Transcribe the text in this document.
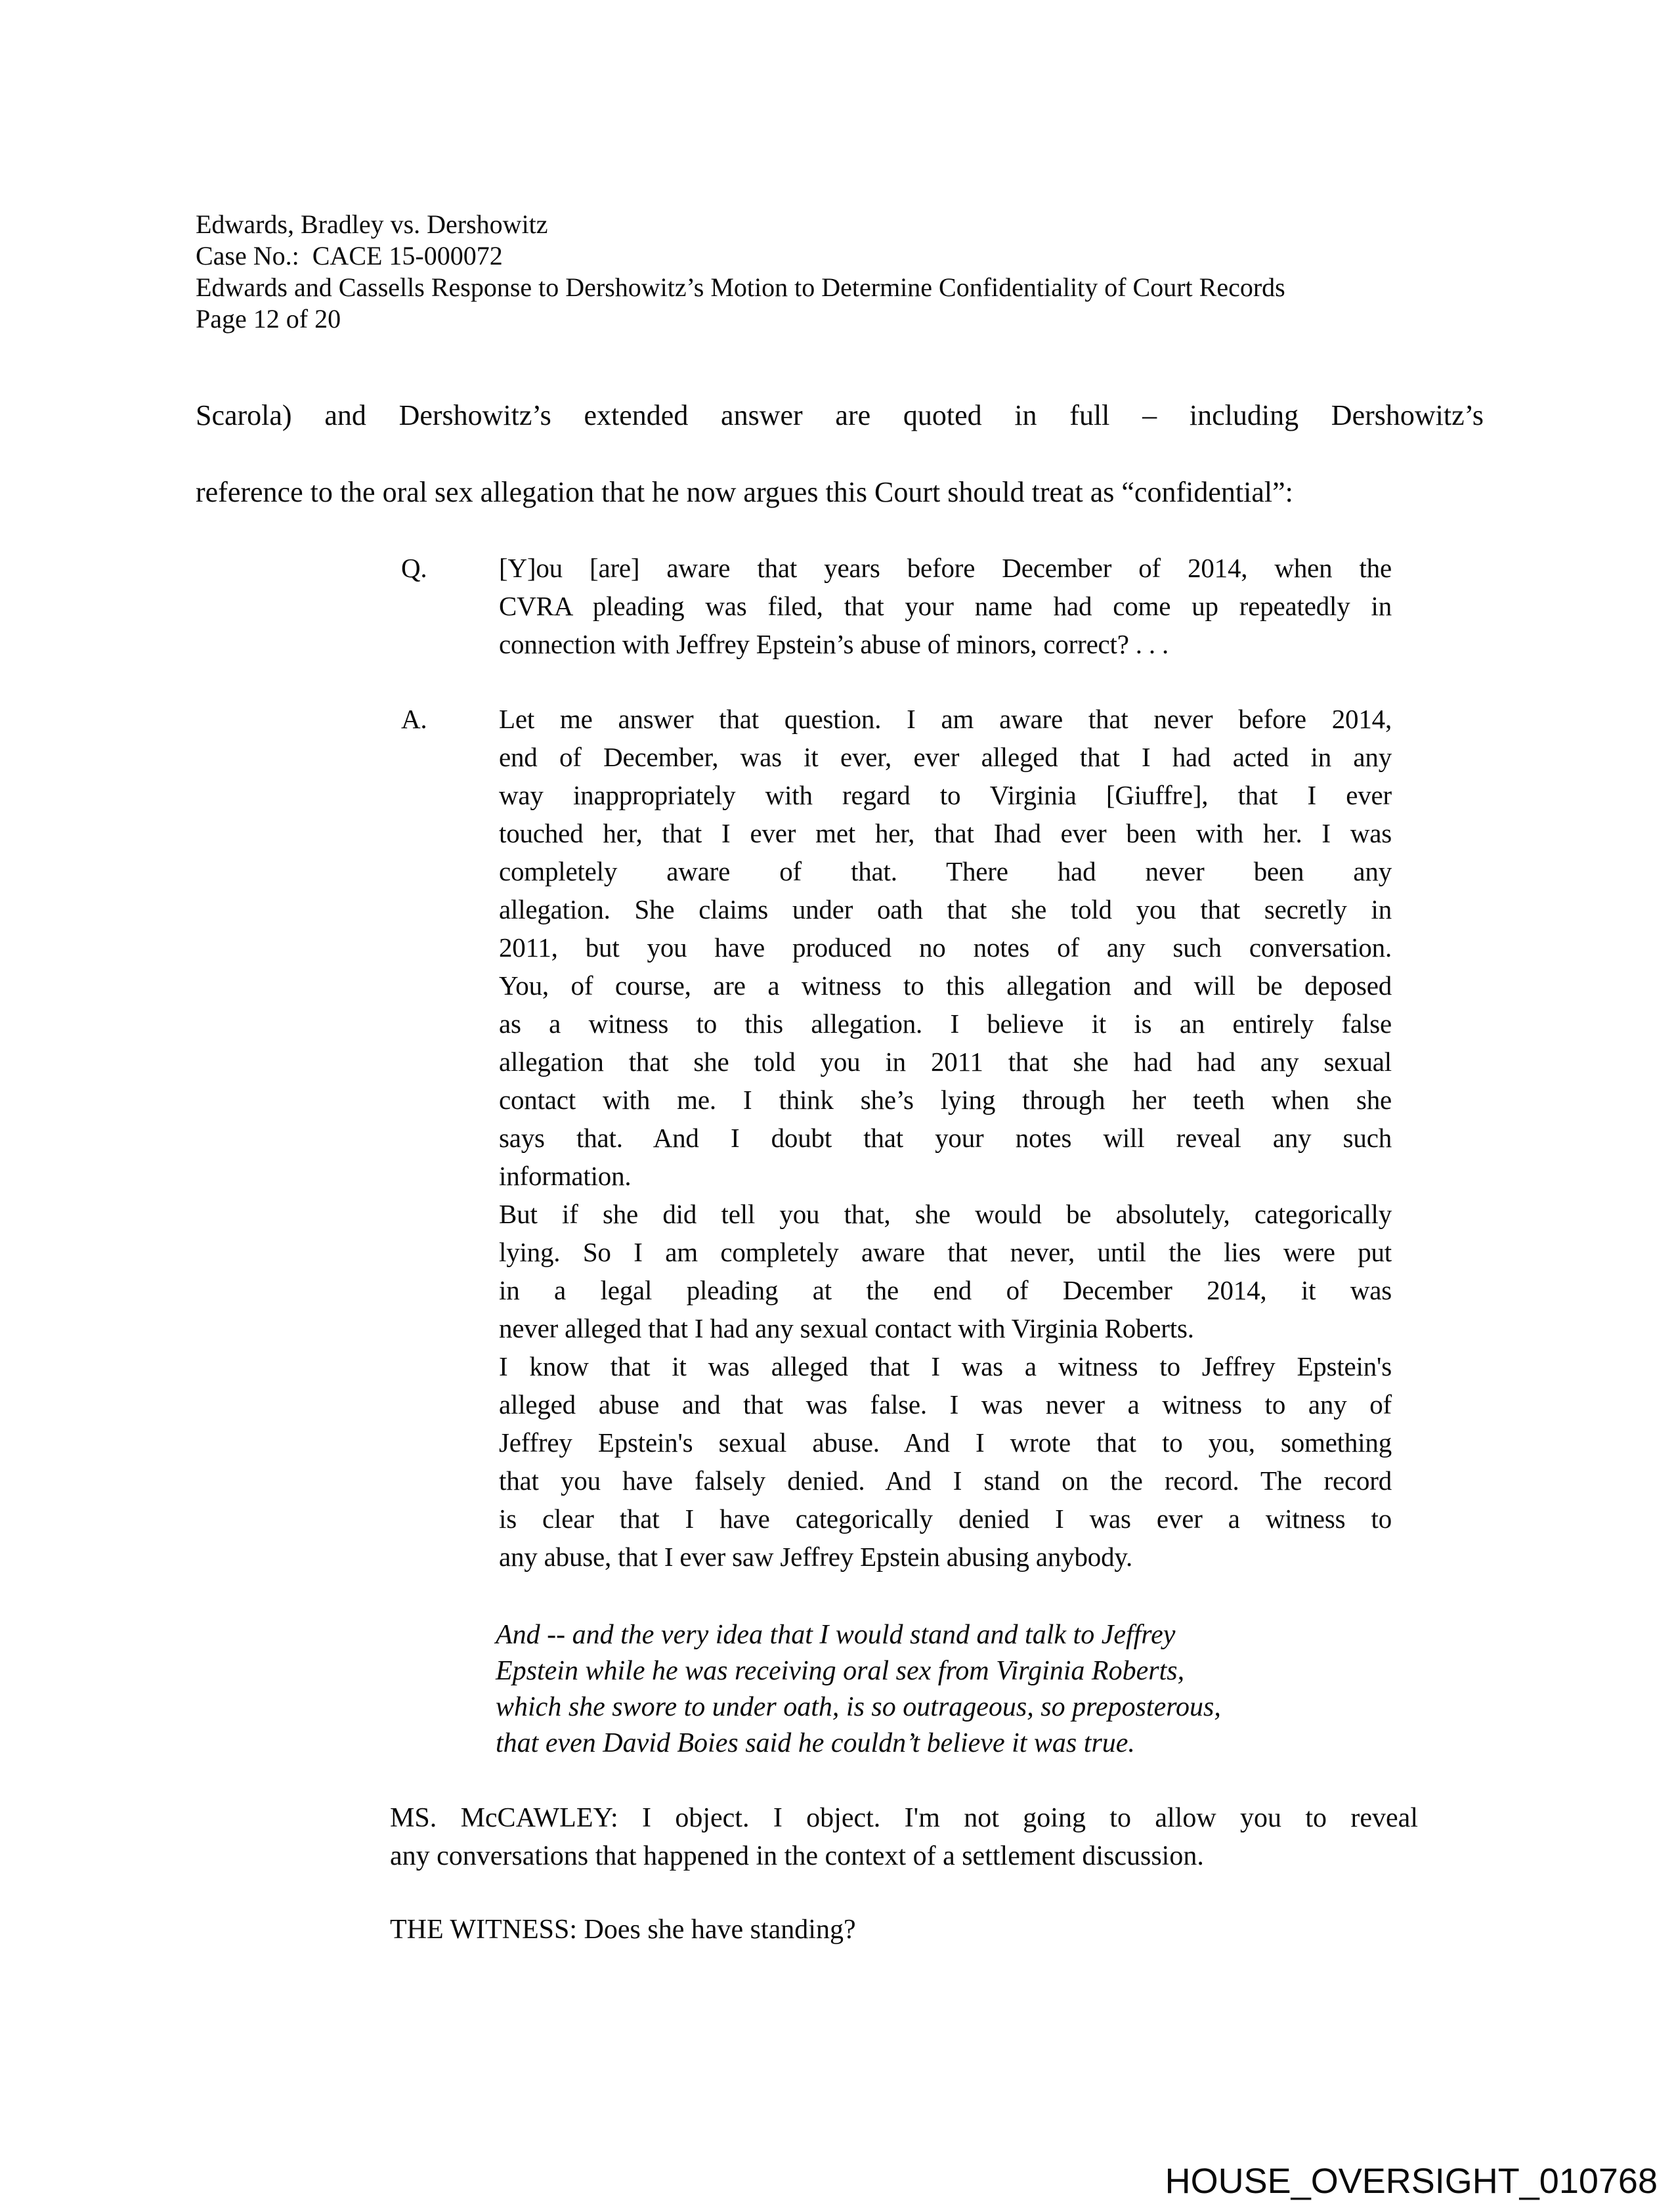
Edwards, Bradley vs. Dershowitz
Case No.:  CACE 15-000072
Edwards and Cassells Response to Dershowitz’s Motion to Determine Confidentiality of Court Records
Page 12 of 20
Scarola) and Dershowitz’s extended answer are quoted in full – including Dershowitz’s
reference to the oral sex allegation that he now argues this Court should treat as “confidential”:
Q.	[Y]ou [are] aware that years before December of 2014, when the
CVRA pleading was filed, that your name had come up repeatedly in
connection with Jeffrey Epstein’s abuse of minors, correct? . . .
A.	Let me answer that question. I am aware that never before 2014,
end of December, was it ever, ever alleged that I had acted in any
way inappropriately with regard to Virginia [Giuffre], that I ever
touched her, that I ever met her, that Ihad ever been with her. I was
completely aware of that. There had never been any
allegation. She claims under oath that she told you that secretly in
2011, but you have produced no notes of any such conversation.
You, of course, are a witness to this allegation and will be deposed
as a witness to this allegation. I believe it is an entirely false
allegation that she told you in 2011 that she had had any sexual
contact with me. I think she’s lying through her teeth when she
says that. And I doubt that your notes will reveal any such
information.
But if she did tell you that, she would be absolutely, categorically
lying. So I am completely aware that never, until the lies were put
in a legal pleading at the end of December 2014, it was
never alleged that I had any sexual contact with Virginia Roberts.
I know that it was alleged that I was a witness to Jeffrey Epstein's
alleged abuse and that was false. I was never a witness to any of
Jeffrey Epstein's sexual abuse. And I wrote that to you, something
that you have falsely denied. And I stand on the record. The record
is clear that I have categorically denied I was ever a witness to
any abuse, that I ever saw Jeffrey Epstein abusing anybody.
And -- and the very idea that I would stand and talk to Jeffrey
Epstein while he was receiving oral sex from Virginia Roberts,
which she swore to under oath, is so outrageous, so preposterous,
that even David Boies said he couldn’t believe it was true.
MS. McCAWLEY: I object. I object. I'm not going to allow you to reveal
any conversations that happened in the context of a settlement discussion.
THE WITNESS: Does she have standing?
HOUSE_OVERSIGHT_010768
